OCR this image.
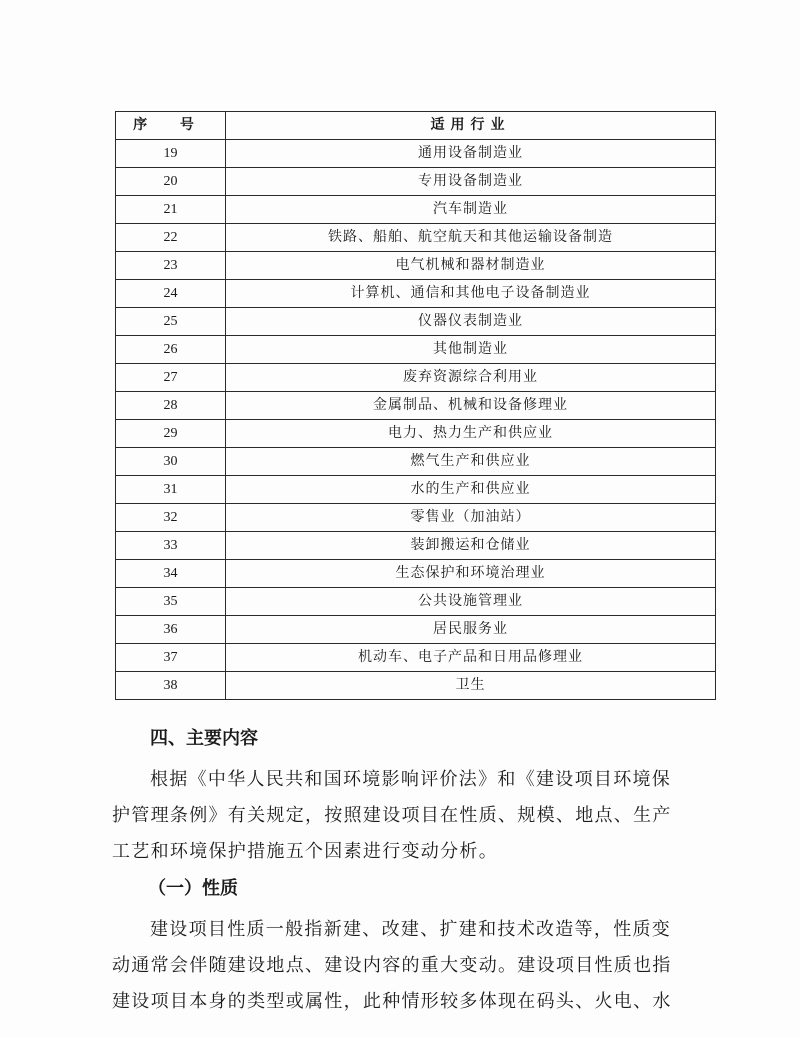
序 号	适用行业
19	通用设备制造业
20	专用设备制造业
21	汽车制造业
22	铁路、船舶、航空航天和其他运输设备制造
23	电气机械和器材制造业
24	计算机、通信和其他电子设备制造业
25	仪器仪表制造业
26	其他制造业
27	废弃资源综合利用业
28	金属制品、机械和设备修理业
29	电力、热力生产和供应业
30	燃气生产和供应业
31	水的生产和供应业
32	零售业（加油站）
33	装卸搬运和仓储业
34	生态保护和环境治理业
35	公共设施管理业
36	居民服务业
37	机动车、电子产品和日用品修理业
38	卫生
四、主要内容
根据《中华人民共和国环境影响评价法》和《建设项目环境保
护管理条例》有关规定，按照建设项目在性质、规模、地点、生产
工艺和环境保护措施五个因素进行变动分析。
（一）性质
建设项目性质一般指新建、改建、扩建和技术改造等，性质变
动通常会伴随建设地点、建设内容的重大变动。建设项目性质也指
建设项目本身的类型或属性，此种情形较多体现在码头、火电、水
